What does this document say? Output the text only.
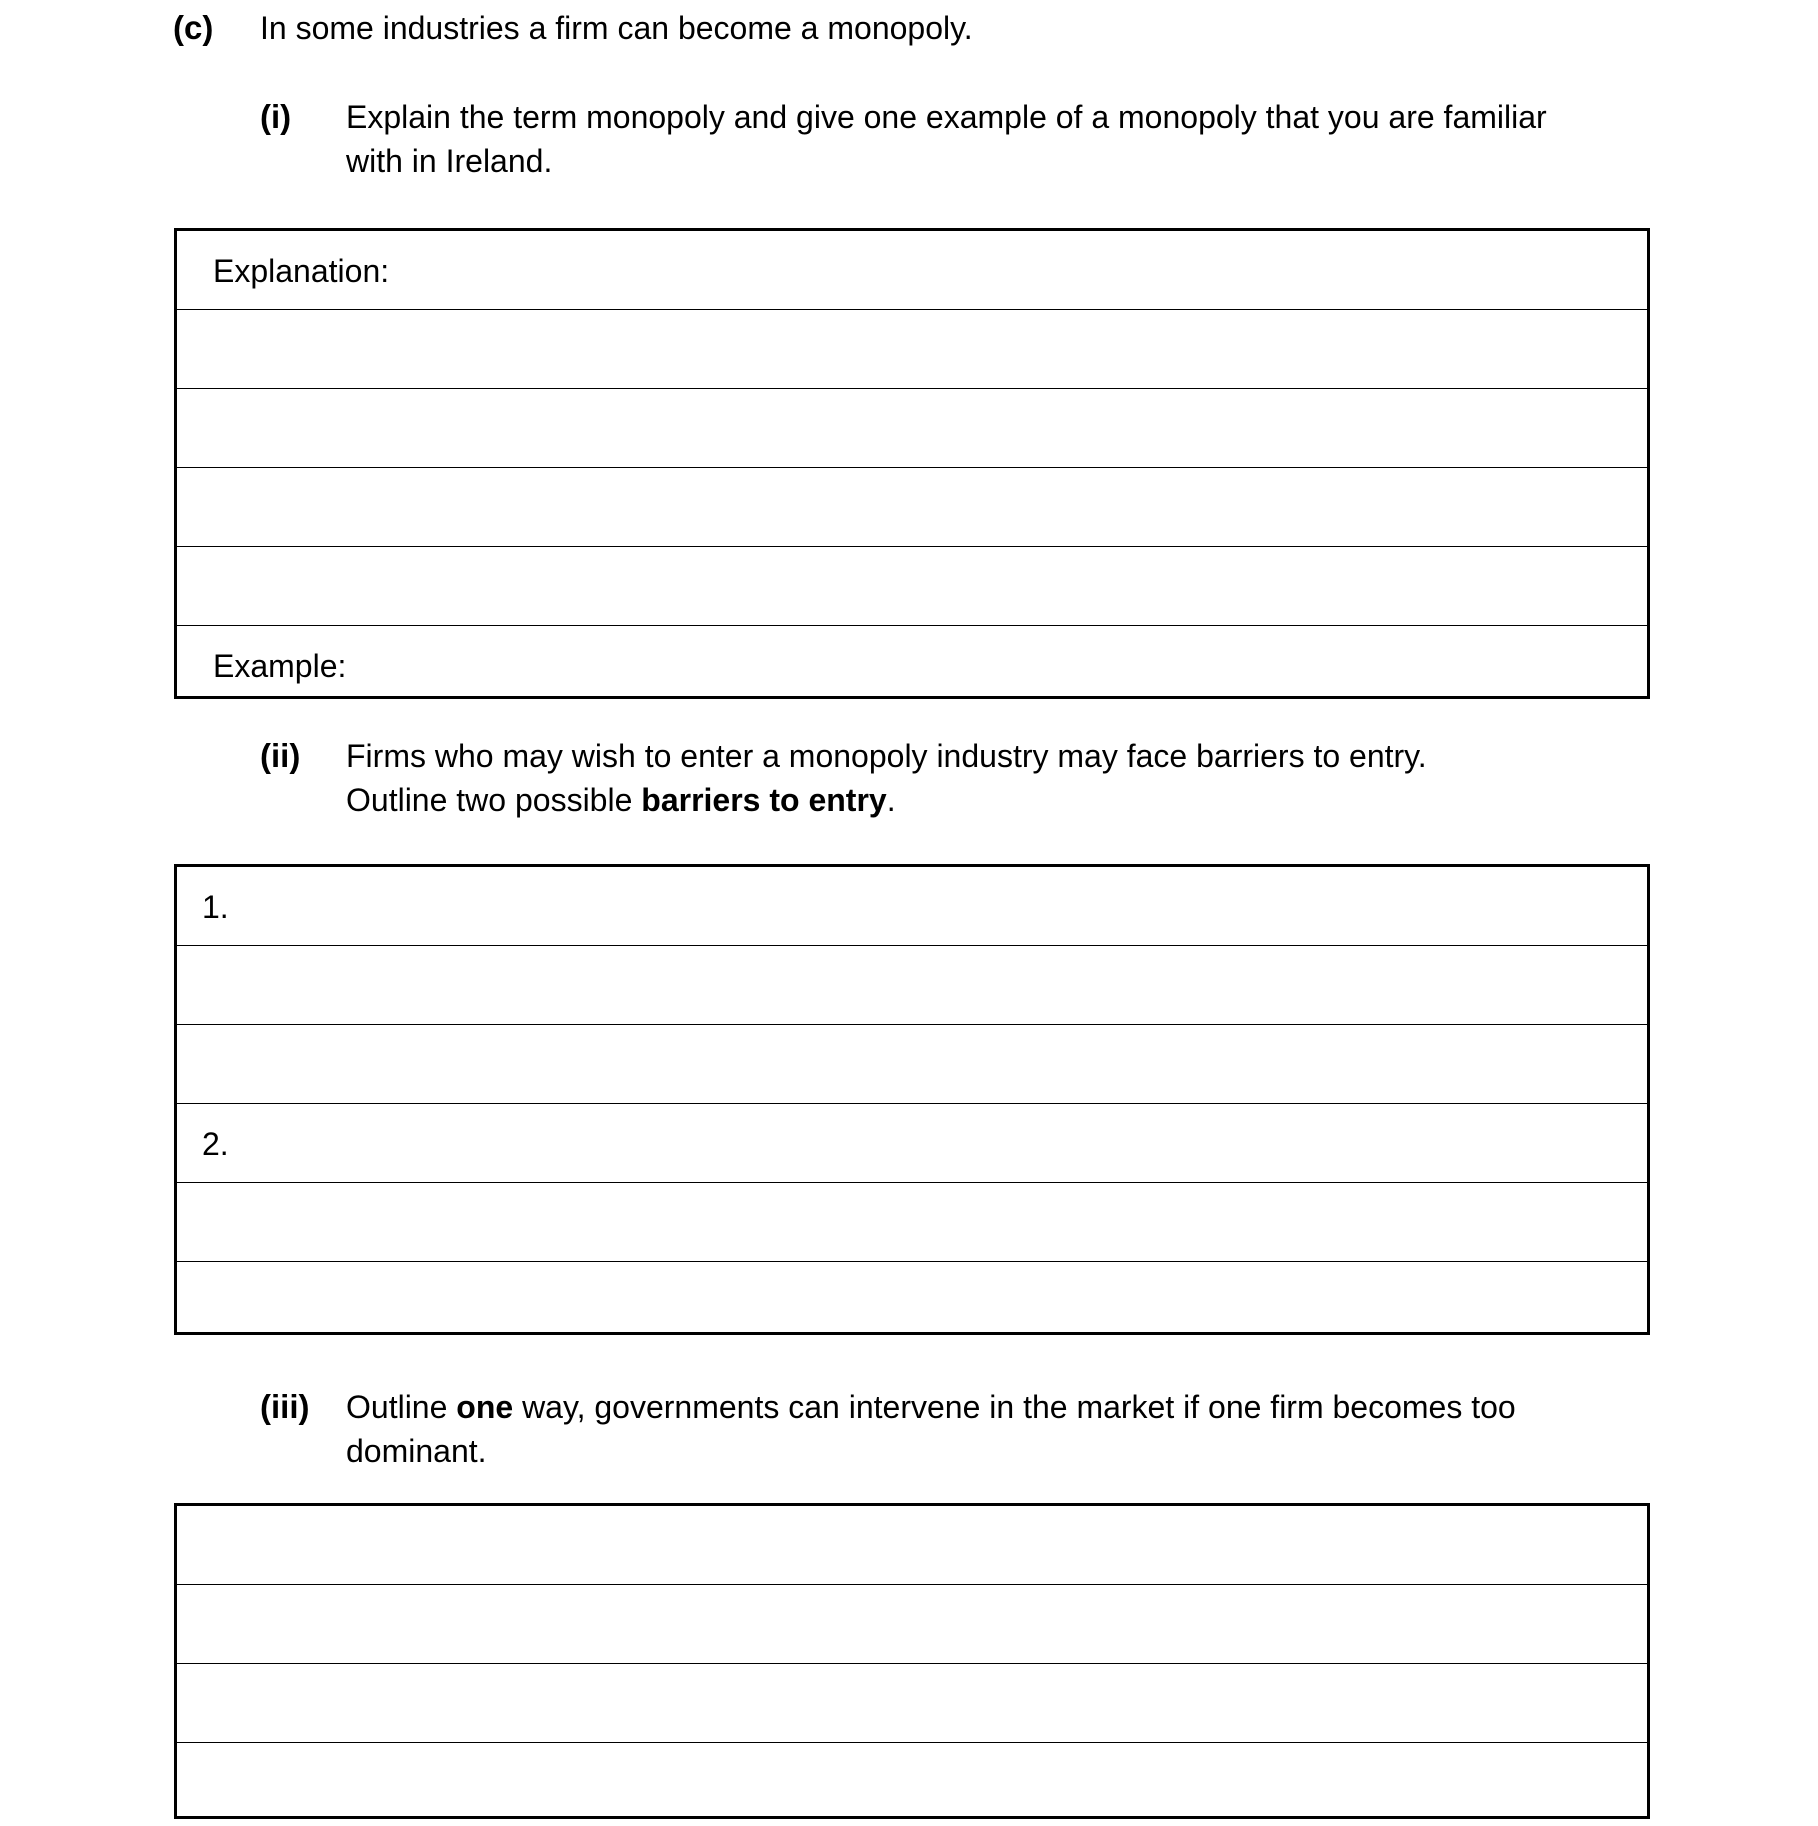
(c) In some industries a firm can become a monopoly.
(i) Explain the term monopoly and give one example of a monopoly that you are familiar
with in Ireland.
Explanation:
Example:
(ii) Firms who may wish to enter a monopoly industry may face barriers to entry.
Outline two possible barriers to entry.
1.
2.
(iii) Outline one way, governments can intervene in the market if one firm becomes too
dominant.
